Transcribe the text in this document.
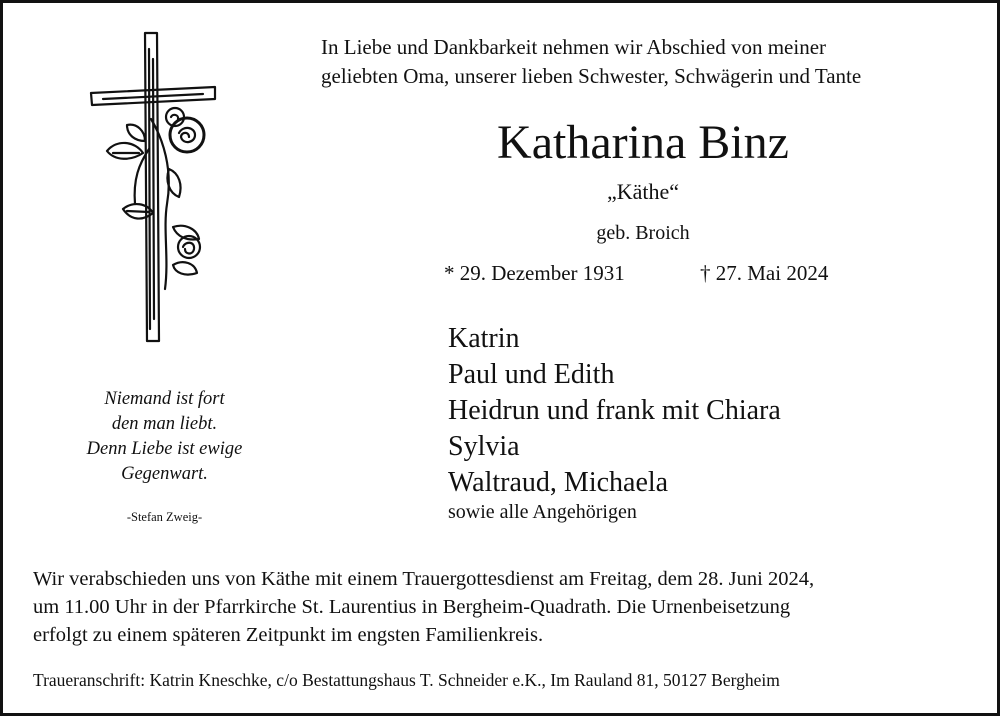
In Liebe und Dankbarkeit nehmen wir Abschied von meiner
geliebten Oma, unserer lieben Schwester, Schwägerin und Tante
Katharina Binz
„Käthe“
geb. Broich
* 29. Dezember 1931	† 27. Mai 2024
Katrin
Paul und Edith
Heidrun und frank mit Chiara
Sylvia
Waltraud, Michaela
sowie alle Angehörigen
Niemand ist fort
den man liebt.
Denn Liebe ist ewige
Gegenwart.
-Stefan Zweig-
Wir verabschieden uns von Käthe mit einem Trauergottesdienst am Freitag, dem 28. Juni 2024,
um 11.00 Uhr in der Pfarrkirche St. Laurentius in Bergheim-Quadrath. Die Urnenbeisetzung
erfolgt zu einem späteren Zeitpunkt im engsten Familienkreis.
Traueranschrift: Katrin Kneschke, c/o Bestattungshaus T. Schneider e.K., Im Rauland 81, 50127 Bergheim
